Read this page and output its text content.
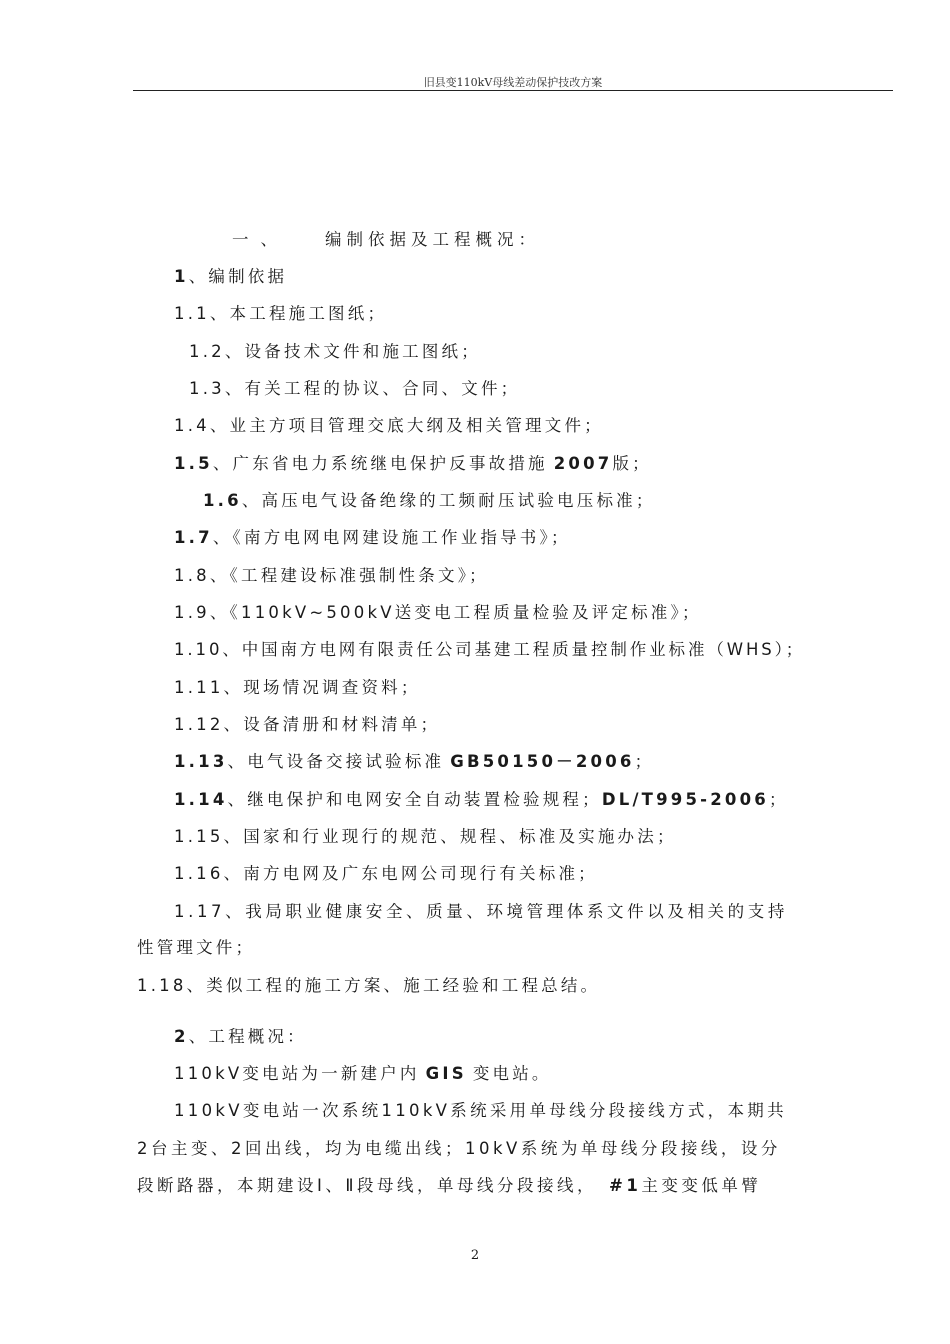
旧县变110kV母线差动保护技改方案
一、 编制依据及工程概况：
1、编制依据
1.1、本工程施工图纸；
1.2、设备技术文件和施工图纸；
1.3、有关工程的协议、合同、文件；
1.4、业主方项目管理交底大纲及相关管理文件；
1.5、广东省电力系统继电保护反事故措施 2007版；
1.6、高压电气设备绝缘的工频耐压试验电压标准；
1.7、《南方电网电网建设施工作业指导书》；
1.8、《工程建设标准强制性条文》；
1.9、《110kV~500kV送变电工程质量检验及评定标准》；
1.10、中国南方电网有限责任公司基建工程质量控制作业标准（WHS）；
1.11、现场情况调查资料；
1.12、设备清册和材料清单；
1.13、电气设备交接试验标准 GB50150－2006；
1.14、继电保护和电网安全自动装置检验规程；DL/T995-2006；
1.15、国家和行业现行的规范、规程、标准及实施办法；
1.16、南方电网及广东电网公司现行有关标准；
1.17、我局职业健康安全、质量、环境管理体系文件以及相关的支持
性管理文件；
1.18、类似工程的施工方案、施工经验和工程总结。
2、工程概况：
110kV变电站为一新建户内 GIS 变电站。
110kV变电站一次系统110kV系统采用单母线分段接线方式，本期共
2台主变、2回出线，均为电缆出线；10kV系统为单母线分段接线，设分
段断路器，本期建设Ⅰ、Ⅱ段母线，单母线分段接线， #1主变变低单臂
2
